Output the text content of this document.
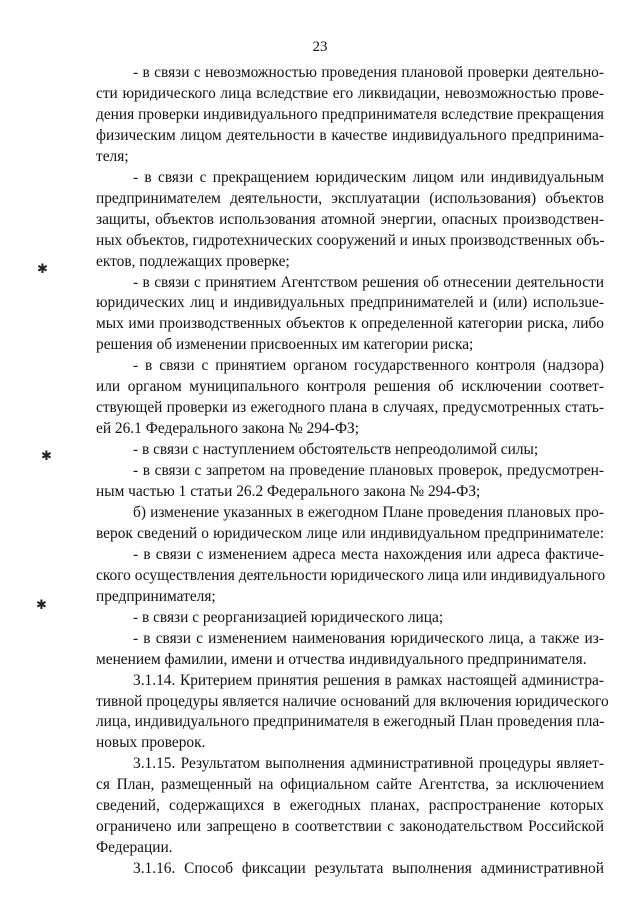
23
- в связи с невозможностью проведения плановой проверки деятельно-
сти юридического лица вследствие его ликвидации, невозможностью прове-
дения проверки индивидуального предпринимателя вследствие прекращения
физическим лицом деятельности в качестве индивидуального предпринима-
теля;
- в связи с прекращением юридическим лицом или индивидуальным
предпринимателем деятельности, эксплуатации (использования) объектов
защиты, объектов использования атомной энергии, опасных производствен-
ных объектов, гидротехнических сооружений и иных производственных объ-
ектов, подлежащих проверке;
- в связи с принятием Агентством решения об отнесении деятельности
юридических лиц и индивидуальных предпринимателей и (или) использue-
мых ими производственных объектов к определенной категории риска, либо
решения об изменении присвоенных им категории риска;
- в связи с принятием органом государственного контроля (надзора)
или органом муниципального контроля решения об исключении соответ-
ствующей проверки из ежегодного плана в случаях, предусмотренных стать-
ей 26.1 Федерального закона № 294-ФЗ;
- в связи с наступлением обстоятельств непреодолимой силы;
- в связи с запретом на проведение плановых проверок, предусмотрен-
ным частью 1 статьи 26.2 Федерального закона № 294-ФЗ;
б) изменение указанных в ежегодном Плане проведения плановых про-
верок сведений о юридическом лице или индивидуальном предпринимателе:
- в связи с изменением адреса места нахождения или адреса фактиче-
ского осуществления деятельности юридического лица или индивидуального
предпринимателя;
- в связи с реорганизацией юридического лица;
- в связи с изменением наименования юридического лица, а также из-
менением фамилии, имени и отчества индивидуального предпринимателя.
3.1.14. Критерием принятия решения в рамках настоящей администра-
тивной процедуры является наличие оснований для включения юридического
лица, индивидуального предпринимателя в ежегодный План проведения пла-
новых проверок.
3.1.15. Результатом выполнения административной процедуры являет-
ся План, размещенный на официальном сайте Агентства, за исключением
сведений, содержащихся в ежегодных планах, распространение которых
ограничено или запрещено в соответствии с законодательством Российской
Федерации.
3.1.16. Способ фиксации результата выполнения административной
✱
✱
✱
